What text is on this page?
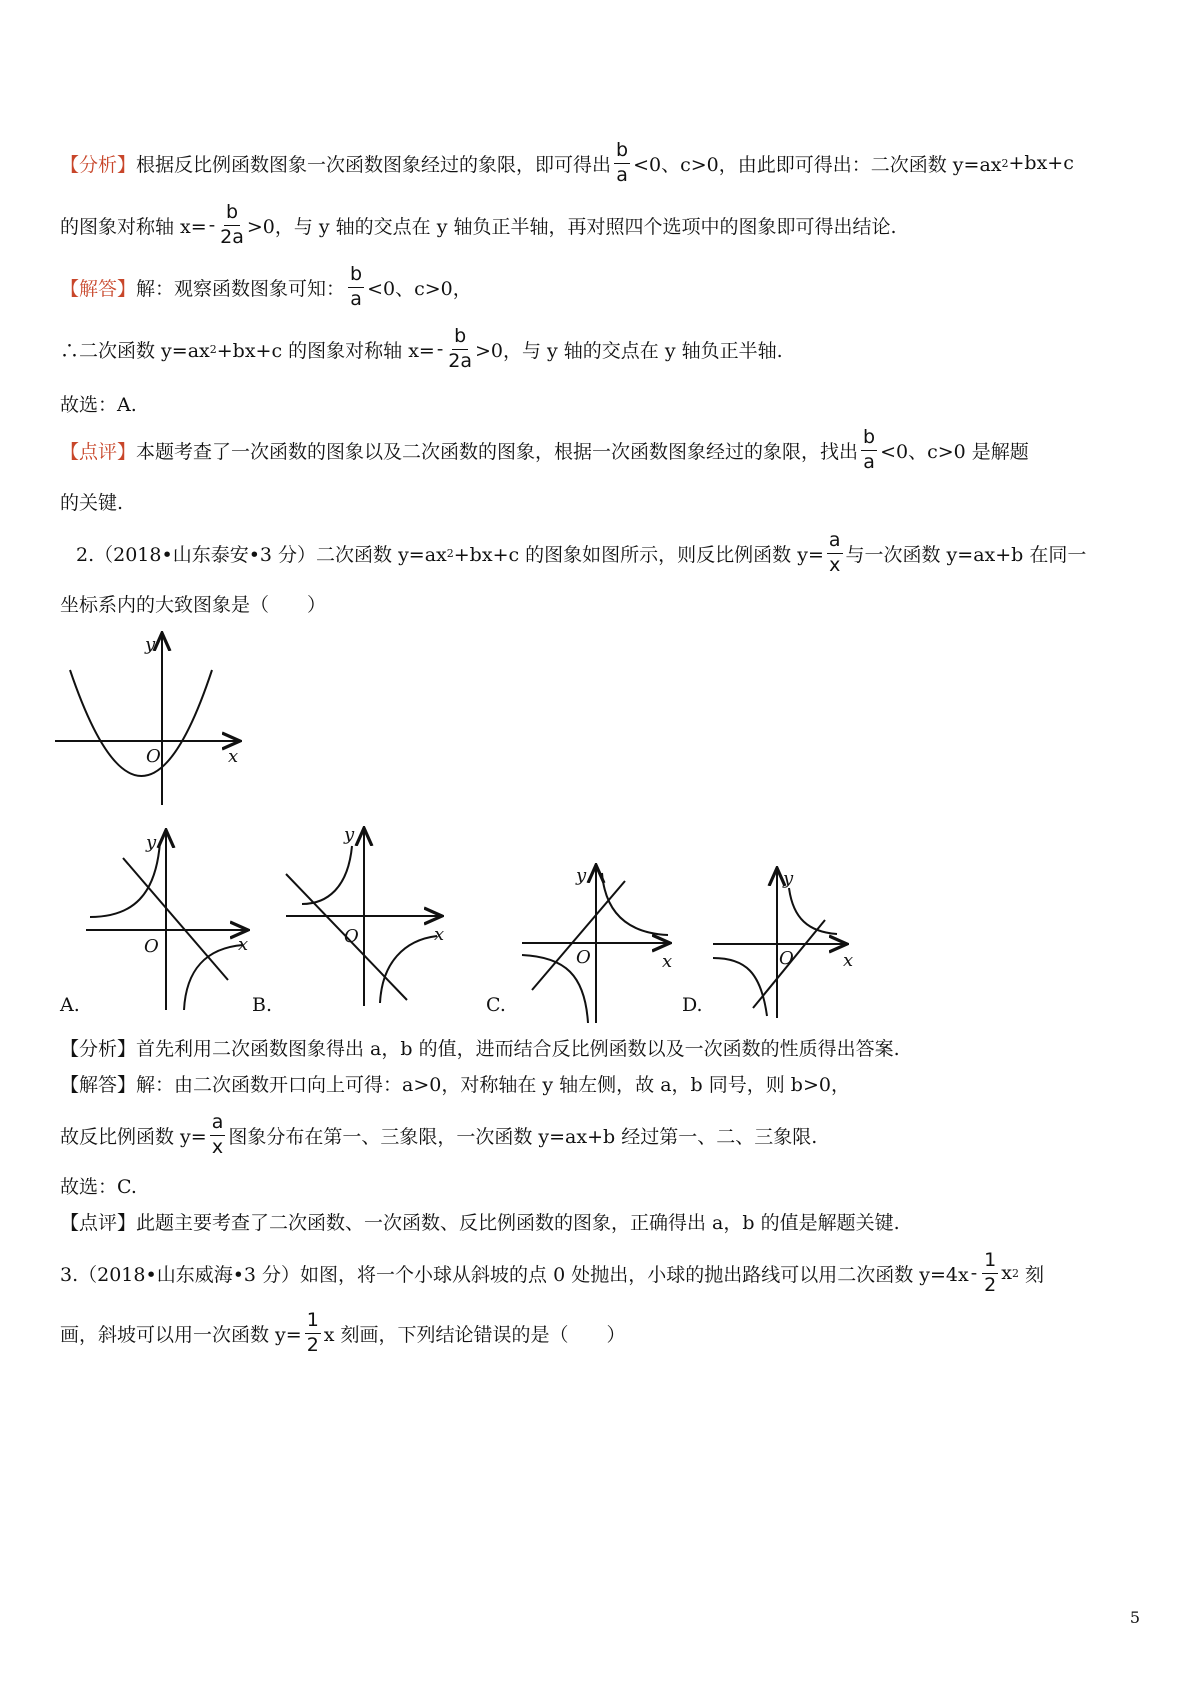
【分析】 根据反比例函数图象一次函数图象经过的象限，即可得出 $\frac{b}{a} <0$、c>0，由此即可得出：二次函数 y=ax 2 +bx+c
的图象对称轴 $x= - \frac{b}{2a} >0$，与 y 轴的交点在 y 轴负正半轴，再对照四个选项中的图象即可得出结论.
【解答】 解：观察函数图象可知： $\frac{b}{a} <0$、c>0，
∴二次函数 y=ax 2 +bx+c 的图象对称轴 $x= - \frac{b}{2a} >0$，与 y 轴的交点在 y 轴负正半轴.
故选：A.
【点评】 本题考查了一次函数的图象以及二次函数的图象，根据一次函数图象经过的象限，找出 $\frac{b}{a} <0$、c>0 是解题
的关键.
2.（2018•山东泰安•3 分）二次函数 y=ax 2 +bx+c 的图象如图所示，则反比例函数 $y= \frac{a}{x}$ 与一次函数 y=ax+b 在同一
坐标系内的大致图象是（　　）
y
x
O
y
x
O
A.
y
x
O
B.
y
x
O
C.
y
x
O
D.
【分析】 首先利用二次函数图象得出 a，b 的值，进而结合反比例函数以及一次函数的性质得出答案.
【解答】 解：由二次函数开口向上可得：a>0，对称轴在 y 轴左侧，故 a，b 同号，则 b>0，
故反比例函数 $y= \frac{a}{x}$ 图象分布在第一、三象限，一次函数 y=ax+b 经过第一、二、三象限.
故选：C.
【点评】 此题主要考查了二次函数、一次函数、反比例函数的图象，正确得出 a，b 的值是解题关键.
3.（2018•山东威海•3 分）如图，将一个小球从斜坡的点 0 处抛出，小球的抛出路线可以用二次函数 $y=4x - \frac{1}{2}$ x 2 刻
画，斜坡可以用一次函数 $y= \frac{1}{2}$ x 刻画，下列结论错误的是（　　）
5
